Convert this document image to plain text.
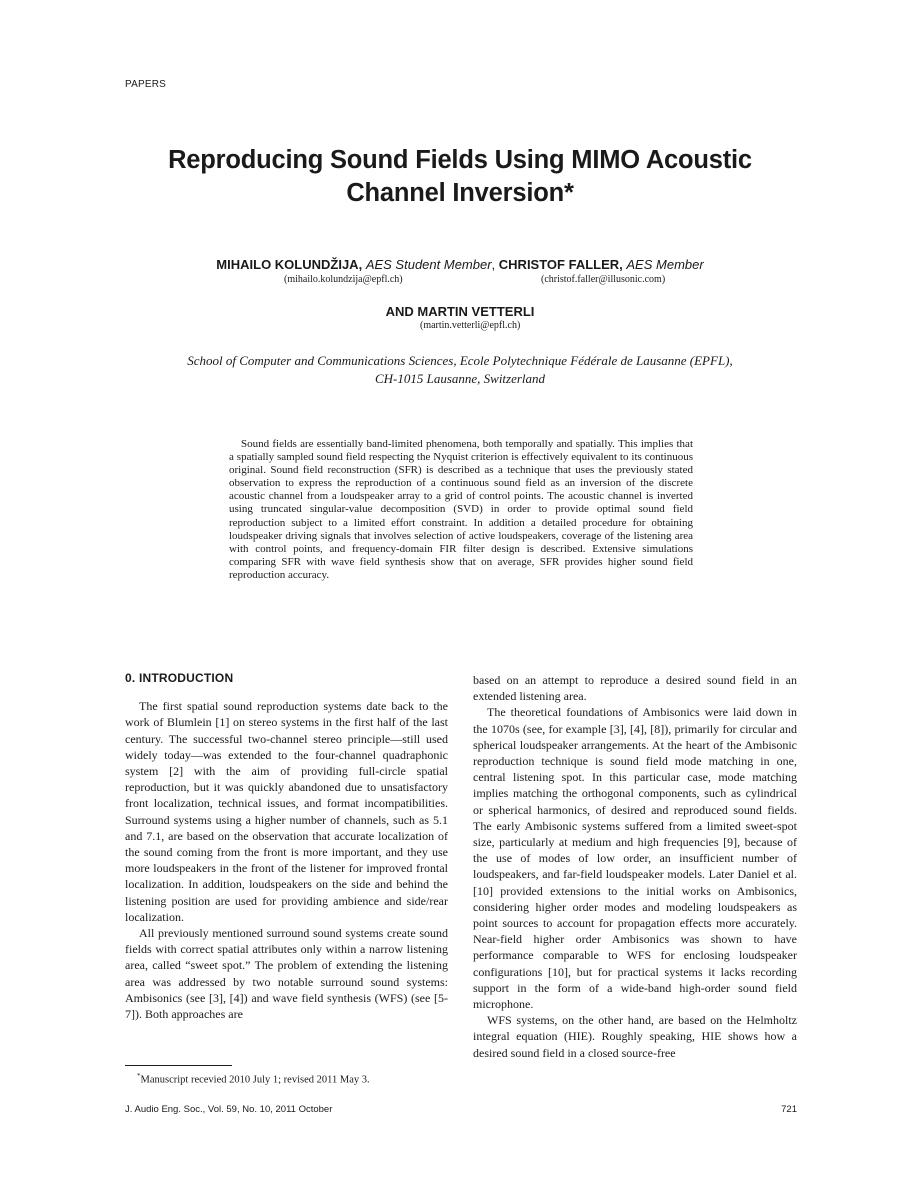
PAPERS
Reproducing Sound Fields Using MIMO Acoustic
Channel Inversion*
MIHAILO KOLUNDŽIJA, AES Student Member, CHRISTOF FALLER, AES Member
(mihailo.kolundzija@epfl.ch)	(christof.faller@illusonic.com)
AND MARTIN VETTERLI
(martin.vetterli@epfl.ch)
School of Computer and Communications Sciences, Ecole Polytechnique Fédérale de Lausanne (EPFL),
CH-1015 Lausanne, Switzerland

Sound fields are essentially band-limited phenomena, both temporally and spatially. This implies that a spatially sampled sound field respecting the Nyquist criterion is effectively equivalent to its continuous original. Sound field reconstruction (SFR) is described as a technique that uses the previously stated observation to express the reproduction of a continuous sound field as an inversion of the discrete acoustic channel from a loudspeaker array to a grid of control points. The acoustic channel is inverted using truncated singular-value decomposition (SVD) in order to provide optimal sound field reproduction subject to a limited effort constraint. In addition a detailed procedure for obtaining loudspeaker driving signals that involves selection of active loudspeakers, coverage of the listening area with control points, and frequency-domain FIR filter design is described. Extensive simulations comparing SFR with wave field synthesis show that on average, SFR provides higher sound field reproduction accuracy.

0. INTRODUCTION

The first spatial sound reproduction systems date back to the work of Blumlein [1] on stereo systems in the first half of the last century. The successful two-channel stereo principle—still used widely today—was extended to the four-channel quadraphonic system [2] with the aim of providing full-circle spatial reproduction, but it was quickly abandoned due to unsatisfactory front localization, technical issues, and format incompatibilities. Surround systems using a higher number of channels, such as 5.1 and 7.1, are based on the observation that accurate localization of the sound coming from the front is more important, and they use more loudspeakers in the front of the listener for improved frontal localization. In addition, loudspeakers on the side and behind the listening position are used for providing ambience and side/rear localization.

All previously mentioned surround sound systems create sound fields with correct spatial attributes only within a narrow listening area, called “sweet spot.” The problem of extending the listening area was addressed by two notable surround sound systems: Ambisonics (see [3], [4]) and wave field synthesis (WFS) (see [5-7]). Both approaches are

based on an attempt to reproduce a desired sound field in an extended listening area.

The theoretical foundations of Ambisonics were laid down in the 1070s (see, for example [3], [4], [8]), primarily for circular and spherical loudspeaker arrangements. At the heart of the Ambisonic reproduction technique is sound field mode matching in one, central listening spot. In this particular case, mode matching implies matching the orthogonal components, such as cylindrical or spherical harmonics, of desired and reproduced sound fields. The early Ambisonic systems suffered from a limited sweet-spot size, particularly at medium and high frequencies [9], because of the use of modes of low order, an insufficient number of loudspeakers, and far-field loudspeaker models. Later Daniel et al. [10] provided extensions to the initial works on Ambisonics, considering higher order modes and modeling loudspeakers as point sources to account for propagation effects more accurately. Near-field higher order Ambisonics was shown to have performance comparable to WFS for enclosing loudspeaker configurations [10], but for practical systems it lacks recording support in the form of a wide-band high-order sound field microphone.

WFS systems, on the other hand, are based on the Helmholtz integral equation (HIE). Roughly speaking, HIE shows how a desired sound field in a closed source-free

*Manuscript recevied 2010 July 1; revised 2011 May 3.
J. Audio Eng. Soc., Vol. 59, No. 10, 2011 October	721
